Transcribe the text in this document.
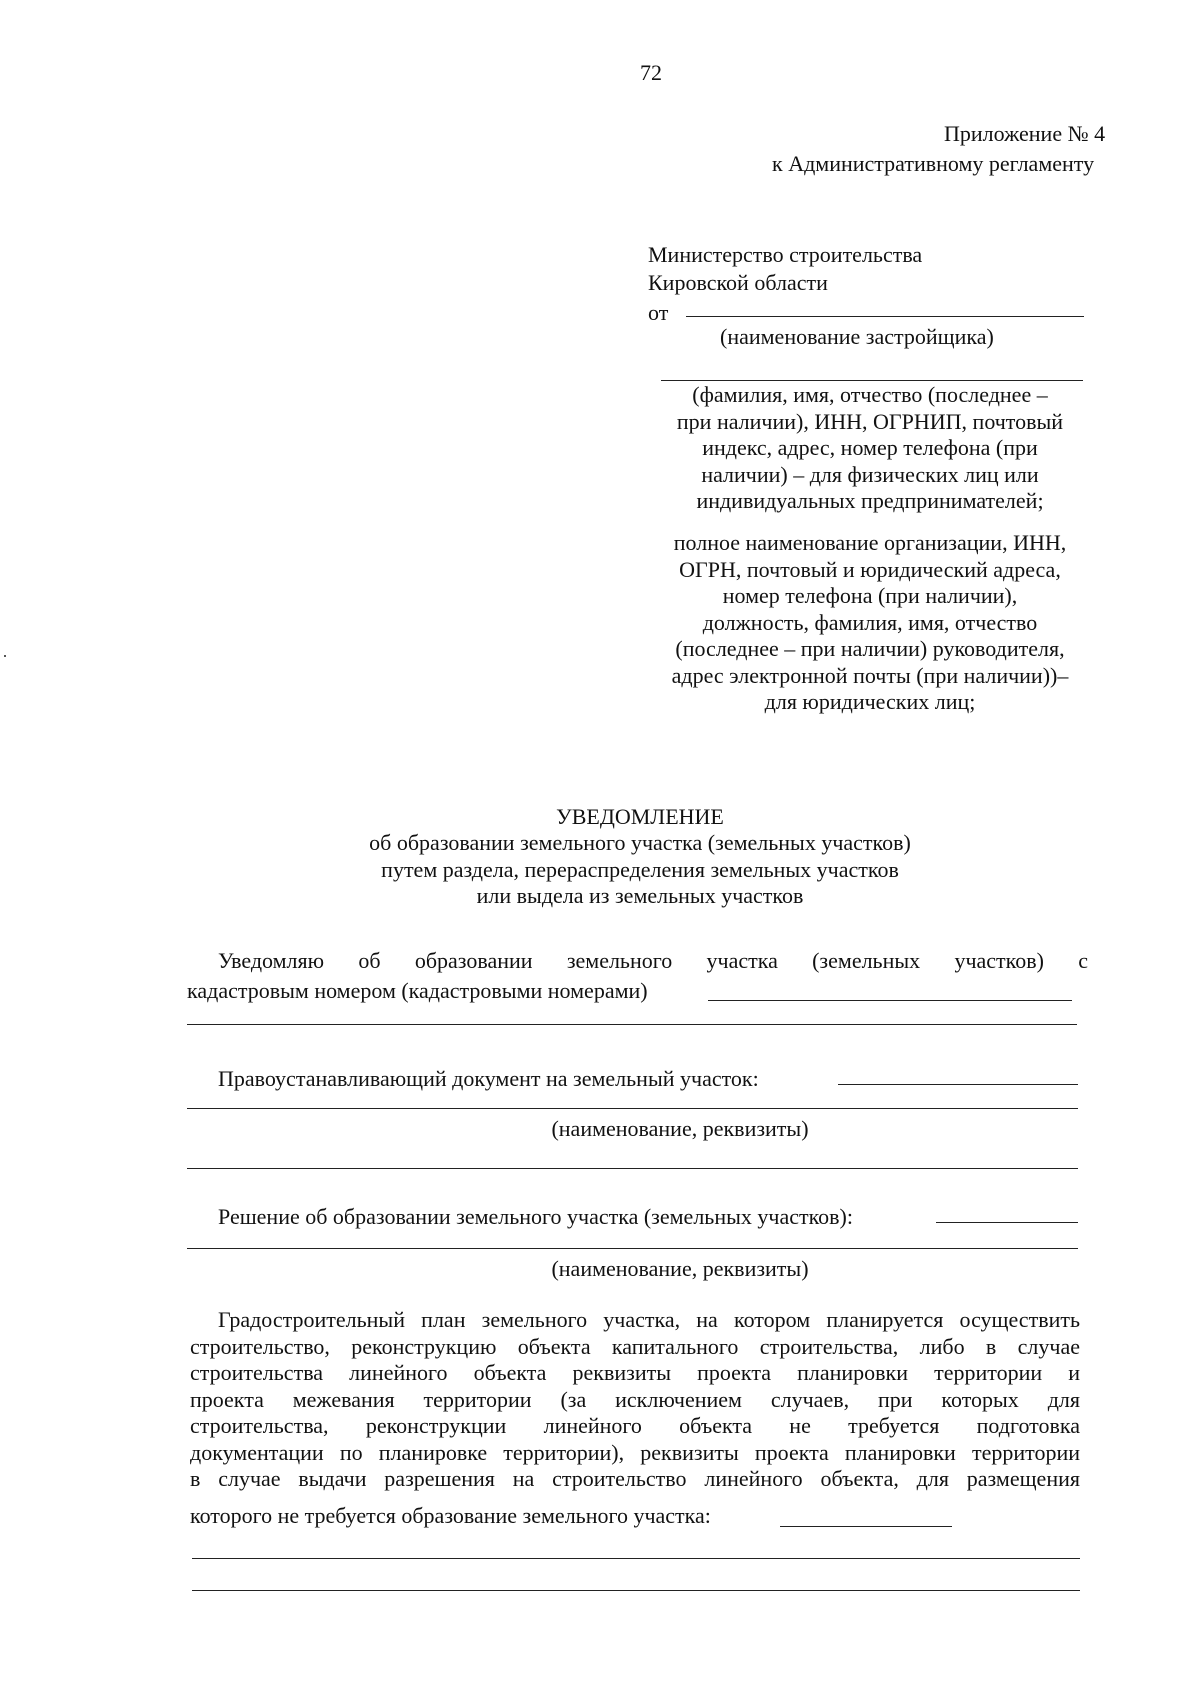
72
Приложение № 4
к Административному регламенту
Министерство строительства
Кировской области
от
(наименование застройщика)
(фамилия, имя, отчество (последнее –
при наличии), ИНН, ОГРНИП, почтовый
индекс, адрес, номер телефона (при
наличии) – для физических лиц или
индивидуальных предпринимателей;
полное наименование организации, ИНН,
ОГРН, почтовый и юридический адреса,
номер телефона (при наличии),
должность, фамилия, имя, отчество
(последнее – при наличии) руководителя,
адрес электронной почты (при наличии))–
для юридических лиц;
УВЕДОМЛЕНИЕ
об образовании земельного участка (земельных участков)
путем раздела, перераспределения земельных участков
или выдела из земельных участков
Уведомляю об образовании земельного участка (земельных участков) с
кадастровым номером (кадастровыми номерами)
Правоустанавливающий документ на земельный участок:
(наименование, реквизиты)
Решение об образовании земельного участка (земельных участков):
(наименование, реквизиты)
Градостроительный план земельного участка, на котором планируется осуществить
строительство, реконструкцию объекта капитального строительства, либо в случае
строительства линейного объекта реквизиты проекта планировки территории и
проекта межевания территории (за исключением случаев, при которых для
строительства, реконструкции линейного объекта не требуется подготовка
документации по планировке территории), реквизиты проекта планировки территории
в случае выдачи разрешения на строительство линейного объекта, для размещения
которого не требуется образование земельного участка:
